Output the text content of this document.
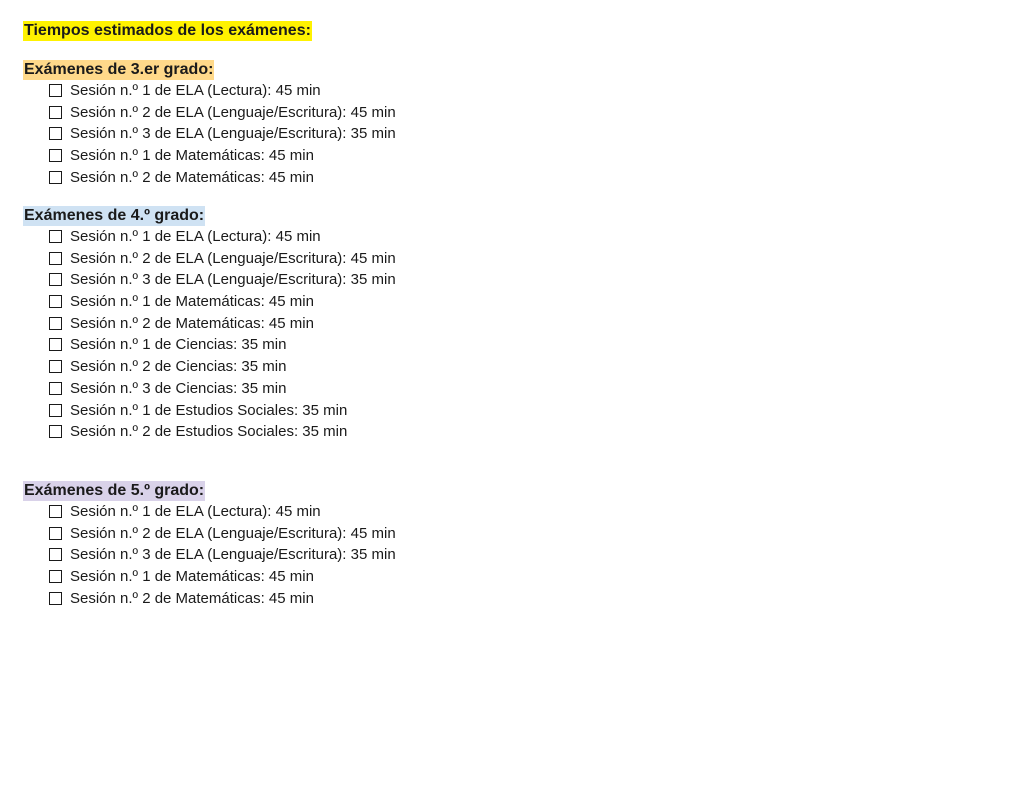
Tiempos estimados de los exámenes:
Exámenes de 3.er grado:
Sesión n.º 1 de ELA (Lectura): 45 min
Sesión n.º 2 de ELA (Lenguaje/Escritura): 45 min
Sesión n.º 3 de ELA (Lenguaje/Escritura): 35 min
Sesión n.º 1 de Matemáticas: 45 min
Sesión n.º 2 de Matemáticas: 45 min
Exámenes de 4.º grado:
Sesión n.º 1 de ELA (Lectura): 45 min
Sesión n.º 2 de ELA (Lenguaje/Escritura): 45 min
Sesión n.º 3 de ELA (Lenguaje/Escritura): 35 min
Sesión n.º 1 de Matemáticas: 45 min
Sesión n.º 2 de Matemáticas: 45 min
Sesión n.º 1 de Ciencias: 35 min
Sesión n.º 2 de Ciencias: 35 min
Sesión n.º 3 de Ciencias: 35 min
Sesión n.º 1 de Estudios Sociales: 35 min
Sesión n.º 2 de Estudios Sociales: 35 min
Exámenes de 5.º grado:
Sesión n.º 1 de ELA (Lectura): 45 min
Sesión n.º 2 de ELA (Lenguaje/Escritura): 45 min
Sesión n.º 3 de ELA (Lenguaje/Escritura): 35 min
Sesión n.º 1 de Matemáticas: 45 min
Sesión n.º 2 de Matemáticas: 45 min
